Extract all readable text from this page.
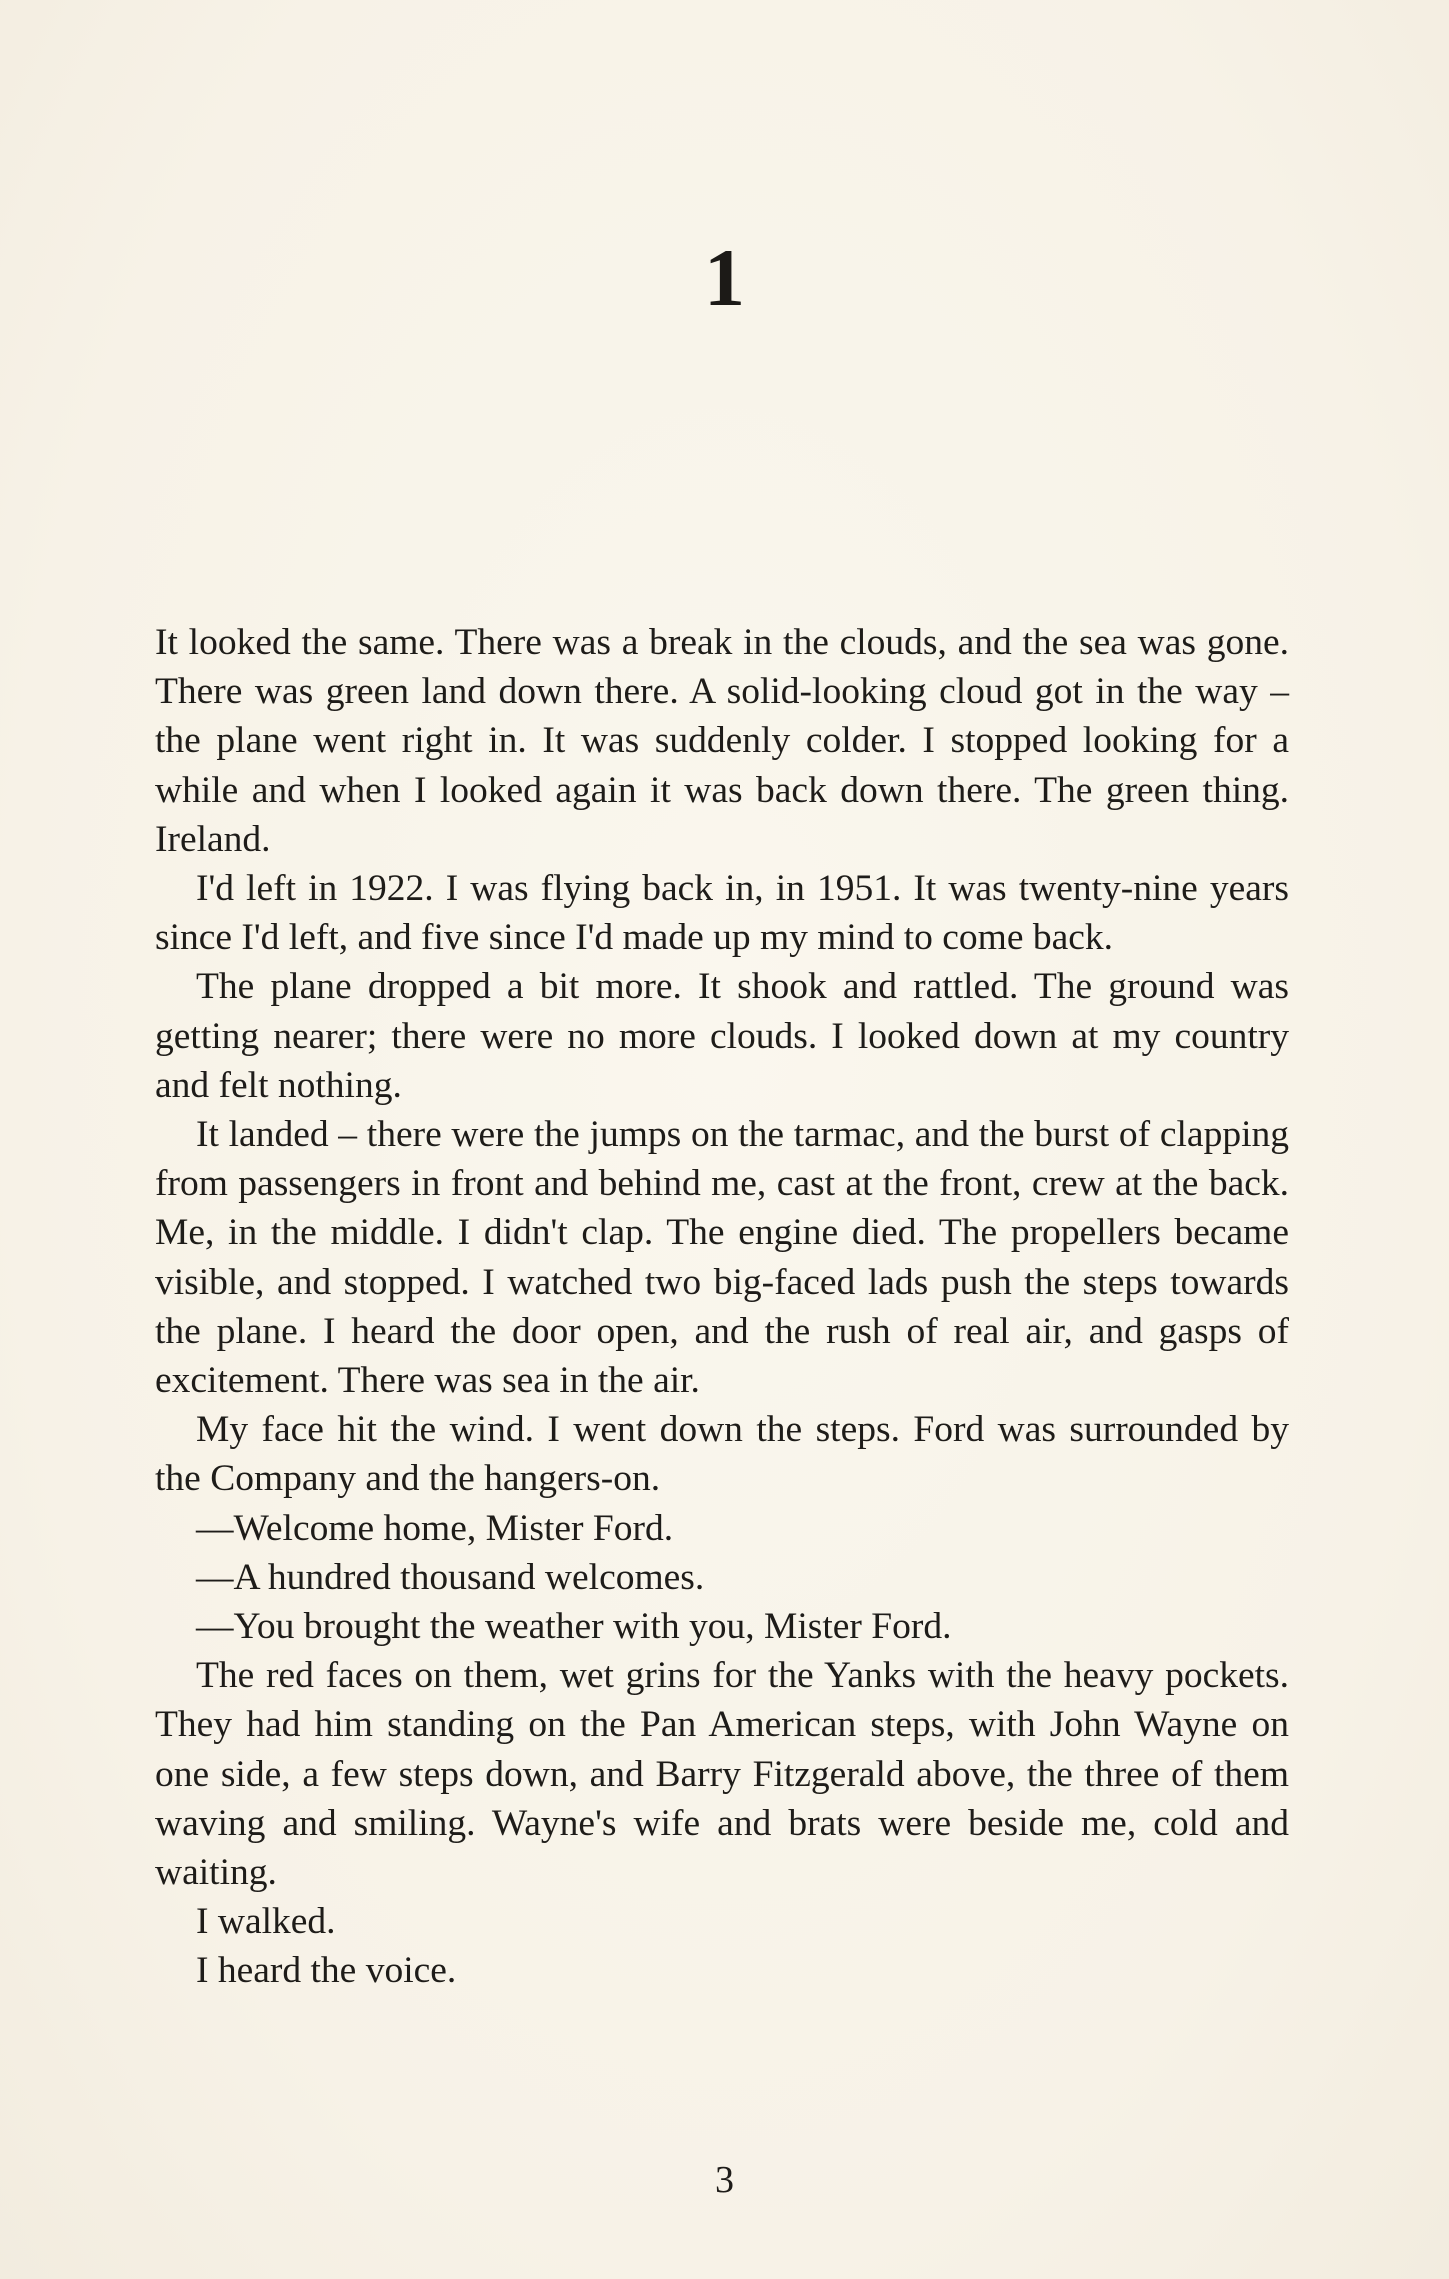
1

It looked the same. There was a break in the clouds, and the sea was gone. There was green land down there. A solid-looking cloud got in the way – the plane went right in. It was suddenly colder. I stopped looking for a while and when I looked again it was back down there. The green thing. Ireland.

I'd left in 1922. I was flying back in, in 1951. It was twenty-nine years since I'd left, and five since I'd made up my mind to come back.

The plane dropped a bit more. It shook and rattled. The ground was getting nearer; there were no more clouds. I looked down at my country and felt nothing.

It landed – there were the jumps on the tarmac, and the burst of clapping from passengers in front and behind me, cast at the front, crew at the back. Me, in the middle. I didn't clap. The engine died. The propellers became visible, and stopped. I watched two big-faced lads push the steps towards the plane. I heard the door open, and the rush of real air, and gasps of excitement. There was sea in the air.

My face hit the wind. I went down the steps. Ford was surrounded by the Company and the hangers-on.

—Welcome home, Mister Ford.

—A hundred thousand welcomes.

—You brought the weather with you, Mister Ford.

The red faces on them, wet grins for the Yanks with the heavy pockets. They had him standing on the Pan American steps, with John Wayne on one side, a few steps down, and Barry Fitzgerald above, the three of them waving and smiling. Wayne's wife and brats were beside me, cold and waiting.

I walked.

I heard the voice.

3
